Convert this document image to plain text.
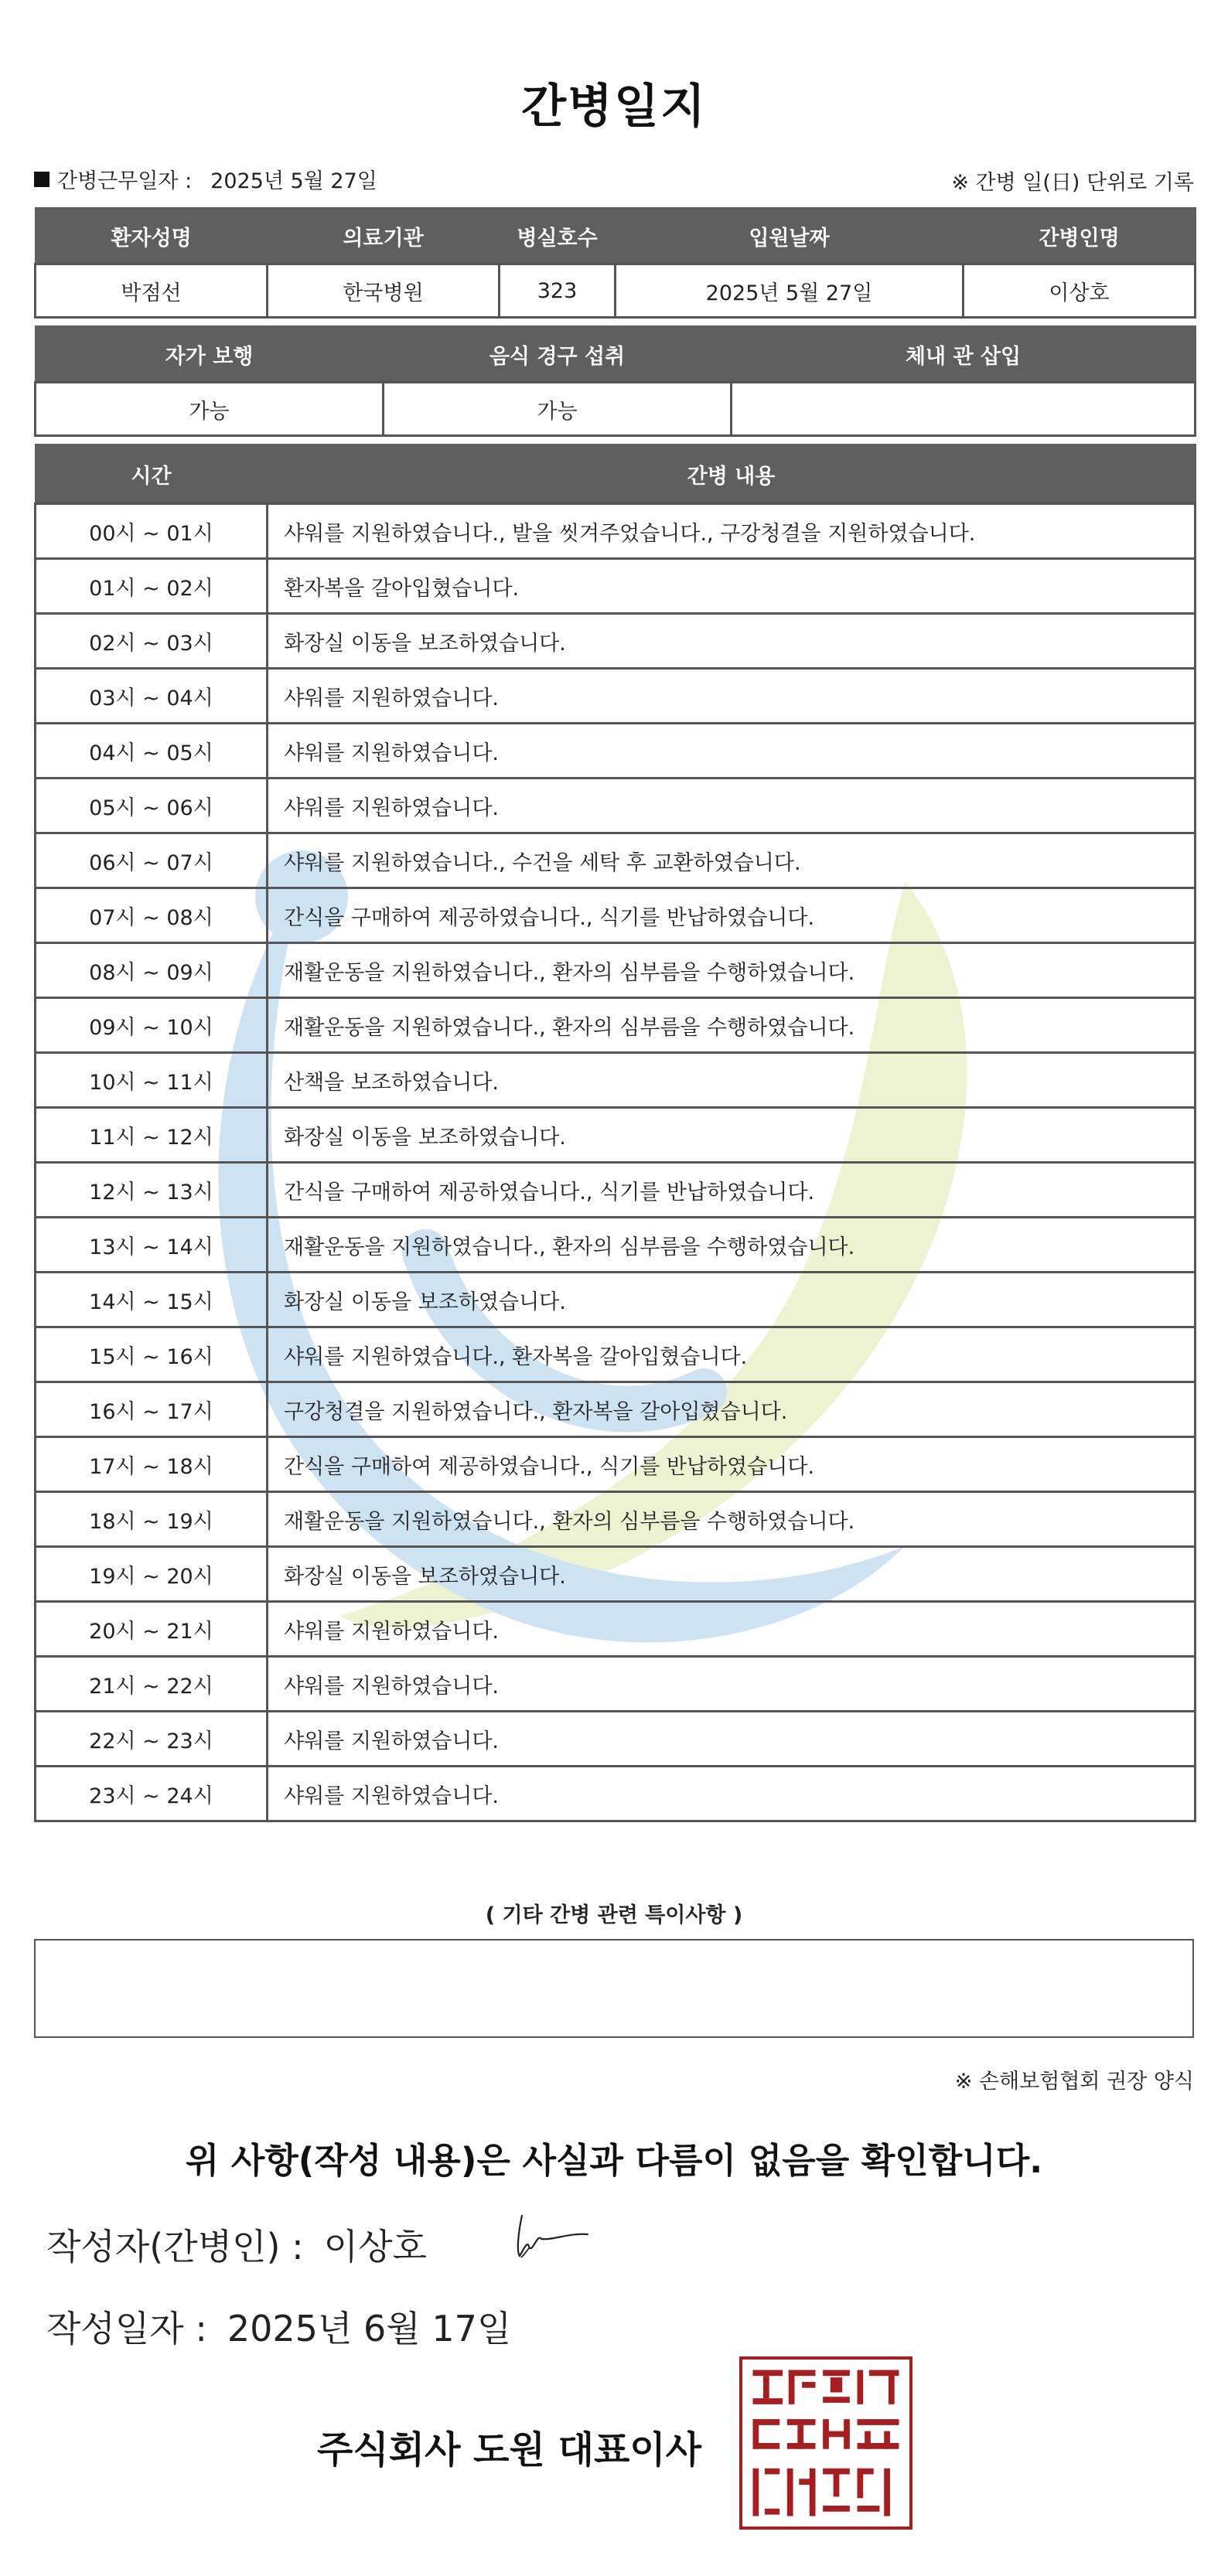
간병일지
간병근무일자 : 2025년 5월 27일	※ 간병 일(日) 단위로 기록
환자성명	의료기관	병실호수	입원날짜	간병인명
박점선	한국병원	323	2025년 5월 27일	이상호
자가 보행	음식 경구 섭취	체내 관 삽입
가능	가능	
시간	간병 내용
00시 ~ 01시	샤워를 지원하였습니다., 발을 씻겨주었습니다., 구강청결을 지원하였습니다.
01시 ~ 02시	환자복을 갈아입혔습니다.
02시 ~ 03시	화장실 이동을 보조하였습니다.
03시 ~ 04시	샤워를 지원하였습니다.
04시 ~ 05시	샤워를 지원하였습니다.
05시 ~ 06시	샤워를 지원하였습니다.
06시 ~ 07시	샤워를 지원하였습니다., 수건을 세탁 후 교환하였습니다.
07시 ~ 08시	간식을 구매하여 제공하였습니다., 식기를 반납하였습니다.
08시 ~ 09시	재활운동을 지원하였습니다., 환자의 심부름을 수행하였습니다.
09시 ~ 10시	재활운동을 지원하였습니다., 환자의 심부름을 수행하였습니다.
10시 ~ 11시	산책을 보조하였습니다.
11시 ~ 12시	화장실 이동을 보조하였습니다.
12시 ~ 13시	간식을 구매하여 제공하였습니다., 식기를 반납하였습니다.
13시 ~ 14시	재활운동을 지원하였습니다., 환자의 심부름을 수행하였습니다.
14시 ~ 15시	화장실 이동을 보조하였습니다.
15시 ~ 16시	샤워를 지원하였습니다., 환자복을 갈아입혔습니다.
16시 ~ 17시	구강청결을 지원하였습니다., 환자복을 갈아입혔습니다.
17시 ~ 18시	간식을 구매하여 제공하였습니다., 식기를 반납하였습니다.
18시 ~ 19시	재활운동을 지원하였습니다., 환자의 심부름을 수행하였습니다.
19시 ~ 20시	화장실 이동을 보조하였습니다.
20시 ~ 21시	샤워를 지원하였습니다.
21시 ~ 22시	샤워를 지원하였습니다.
22시 ~ 23시	샤워를 지원하였습니다.
23시 ~ 24시	샤워를 지원하였습니다.
( 기타 간병 관련 특이사항 )
※ 손해보험협회 권장 양식
위 사항(작성 내용)은 사실과 다름이 없음을 확인합니다.
작성자(간병인) : 이상호
작성일자 : 2025년 6월 17일
주식회사 도원 대표이사
